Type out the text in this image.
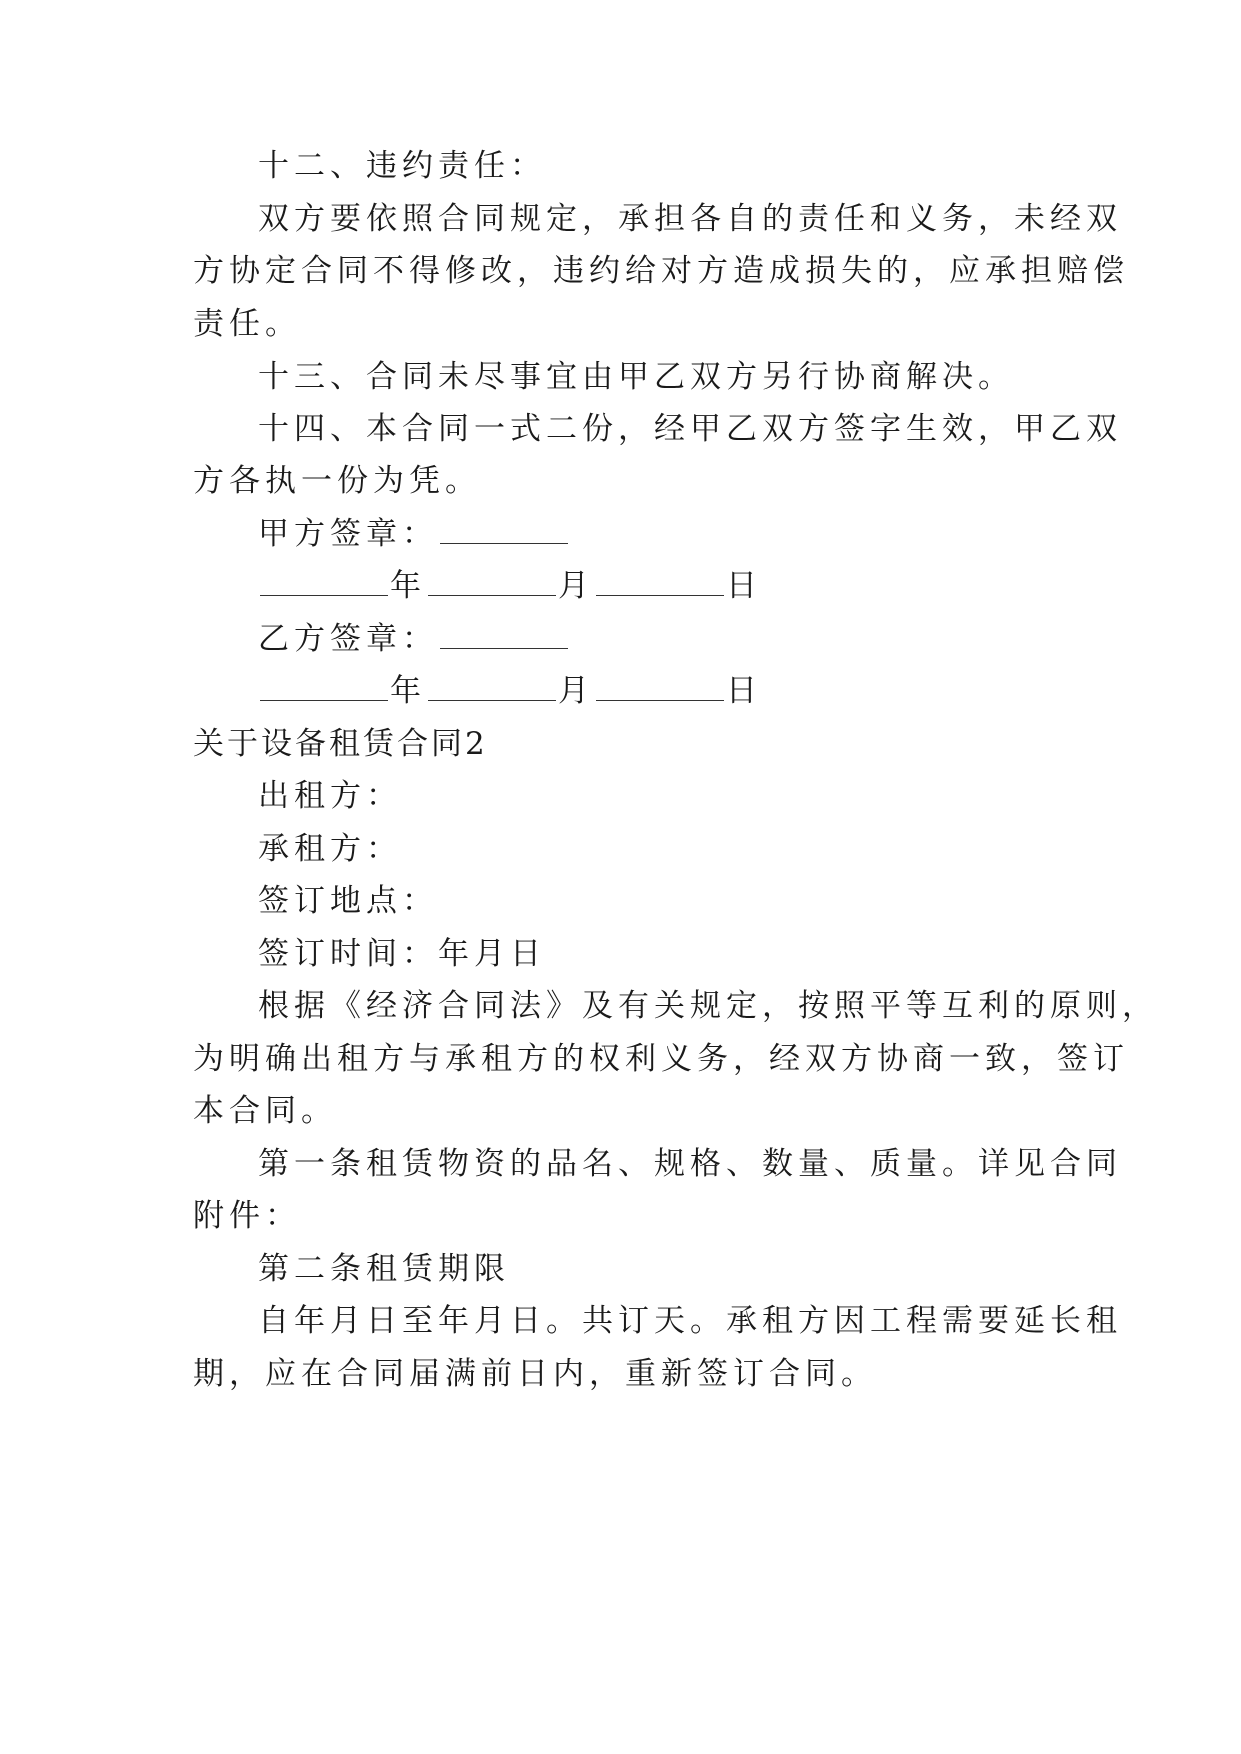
十二、违约责任：
双方要依照合同规定，承担各自的责任和义务，未经双
方协定合同不得修改，违约给对方造成损失的，应承担赔偿
责任。
十三、合同未尽事宜由甲乙双方另行协商解决。
十四、本合同一式二份，经甲乙双方签字生效，甲乙双
方各执一份为凭。
甲方签章：
年	月	日
乙方签章：
年	月	日
关于设备租赁合同2
出租方：
承租方：
签订地点：
签订时间：年月日
根据《经济合同法》及有关规定，按照平等互利的原则，
为明确出租方与承租方的权利义务，经双方协商一致，签订
本合同。
第一条租赁物资的品名、规格、数量、质量。详见合同
附件：
第二条租赁期限
自年月日至年月日。共订天。承租方因工程需要延长租
期，应在合同届满前日内，重新签订合同。
